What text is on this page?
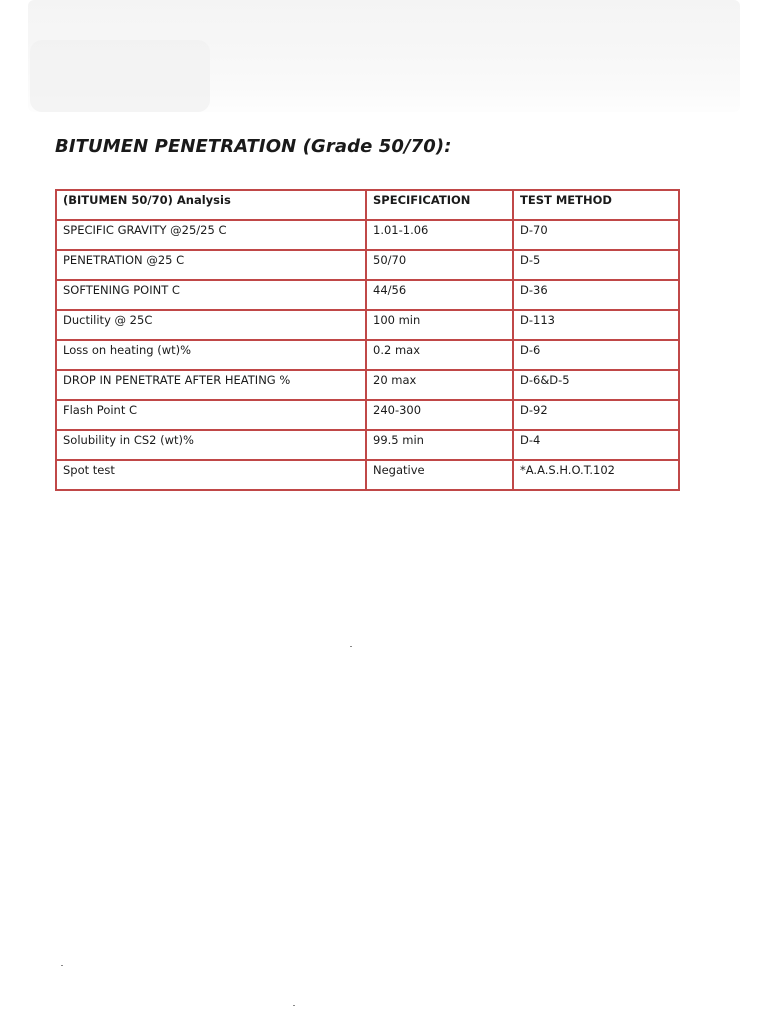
BITUMEN PENETRATION (Grade 50/70):
(BITUMEN 50/70) Analysis	SPECIFICATION	TEST METHOD
SPECIFIC GRAVITY @25/25 C	1.01-1.06	D-70
PENETRATION @25 C	50/70	D-5
SOFTENING POINT C	44/56	D-36
Ductility @ 25C	100 min	D-113
Loss on heating (wt)%	0.2 max	D-6
DROP IN PENETRATE AFTER HEATING %	20 max	D-6&D-5
Flash Point C	240-300	D-92
Solubility in CS2 (wt)%	99.5 min	D-4
Spot test	Negative	*A.A.S.H.O.T.102
